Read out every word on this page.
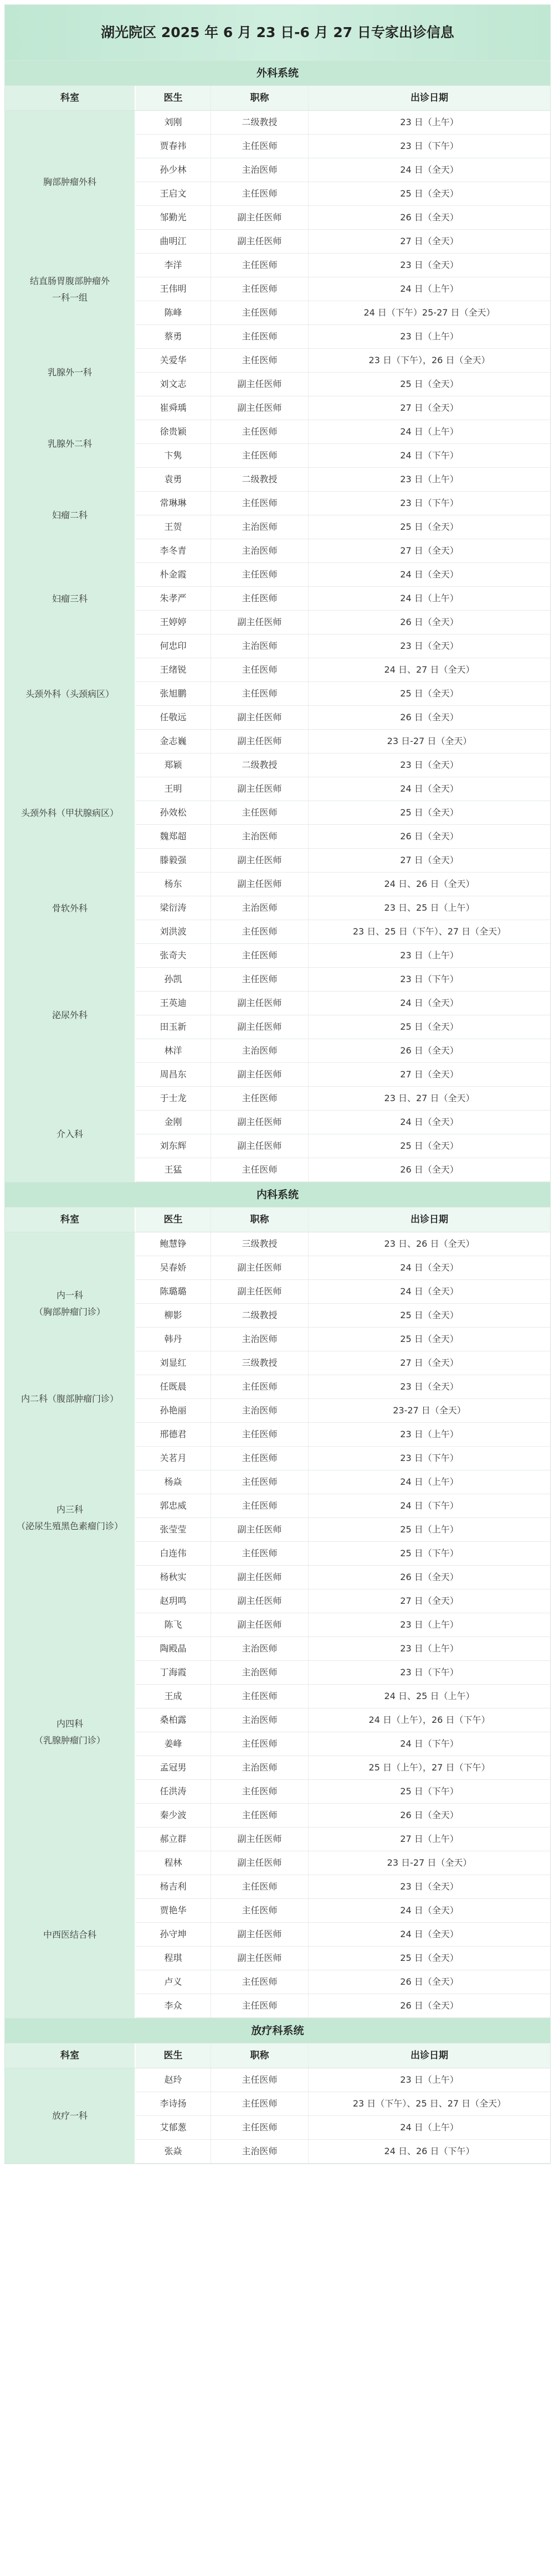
湖光院区 2025 年 6 月 23 日-6 月 27 日专家出诊信息
外科系统
科室	医生	职称	出诊日期
胸部肿瘤外科
刘刚	二级教授	23 日（上午）
贾春祎	主任医师	23 日（下午）
孙少林	主治医师	24 日（全天）
王启文	主任医师	25 日（全天）
邹勤光	副主任医师	26 日（全天）
曲明江	副主任医师	27 日（全天）
结直肠胃腹部肿瘤外
一科一组
李洋	主任医师	23 日（全天）
王伟明	主任医师	24 日（上午）
陈峰	主任医师	24 日（下午）25-27 日（全天）
乳腺外一科
蔡勇	主任医师	23 日（上午）
关爱华	主任医师	23 日（下午），26 日（全天）
刘文志	副主任医师	25 日（全天）
崔舜瑀	副主任医师	27 日（全天）
乳腺外二科
徐贵颖	主任医师	24 日（上午）
卞隽	主任医师	24 日（下午）
妇瘤二科
袁勇	二级教授	23 日（上午）
常琳琳	主任医师	23 日（下午）
王贺	主治医师	25 日（全天）
李冬青	主治医师	27 日（全天）
妇瘤三科
朴金霞	主任医师	24 日（全天）
朱孝严	主任医师	24 日（上午）
王婷婷	副主任医师	26 日（全天）
头颈外科（头颈病区）
何忠印	主治医师	23 日（全天）
王绪锐	主任医师	24 日、27 日（全天）
张旭鹏	主任医师	25 日（全天）
任敬远	副主任医师	26 日（全天）
金志巍	副主任医师	23 日-27 日（全天）
头颈外科（甲状腺病区）
郑颖	二级教授	23 日（全天）
王明	副主任医师	24 日（全天）
孙效松	主任医师	25 日（全天）
魏郑超	主治医师	26 日（全天）
滕毅强	副主任医师	27 日（全天）
骨软外科
杨东	副主任医师	24 日、26 日（全天）
梁衍涛	主治医师	23 日、25 日（上午）
刘洪波	主任医师	23 日、25 日（下午）、27 日（全天）
泌尿外科
张奇夫	主任医师	23 日（上午）
孙凯	主任医师	23 日（下午）
王英迪	副主任医师	24 日（全天）
田玉新	副主任医师	25 日（全天）
林洋	主治医师	26 日（全天）
周昌东	副主任医师	27 日（全天）
介入科
于士龙	主任医师	23 日、27 日（全天）
金刚	副主任医师	24 日（全天）
刘东辉	副主任医师	25 日（全天）
王猛	主任医师	26 日（全天）
内科系统
科室	医生	职称	出诊日期
内一科
（胸部肿瘤门诊）
鲍慧铮	三级教授	23 日、26 日（全天）
吴春娇	副主任医师	24 日（全天）
陈璐璐	副主任医师	24 日（全天）
柳影	二级教授	25 日（全天）
韩丹	主治医师	25 日（全天）
刘显红	三级教授	27 日（全天）
内二科（腹部肿瘤门诊）
任既晨	主任医师	23 日（全天）
孙艳丽	主治医师	23-27 日（全天）
内三科
（泌尿生殖黑色素瘤门诊）
邢德君	主任医师	23 日（上午）
关茗月	主任医师	23 日（下午）
杨焱	主任医师	24 日（上午）
郭忠威	主任医师	24 日（下午）
张莹莹	副主任医师	25 日（上午）
白连伟	主任医师	25 日（下午）
杨秋实	副主任医师	26 日（全天）
赵玥鸣	副主任医师	27 日（全天）
内四科
（乳腺肿瘤门诊）
陈飞	副主任医师	23 日（上午）
陶殿晶	主治医师	23 日（上午）
丁海霞	主治医师	23 日（下午）
王成	主任医师	24 日、25 日（上午）
桑柏露	主治医师	24 日（上午），26 日（下午）
姜峰	主任医师	24 日（下午）
孟冠男	主治医师	25 日（上午），27 日（下午）
任洪涛	主任医师	25 日（下午）
秦少波	主任医师	26 日（全天）
郝立群	副主任医师	27 日（上午）
中西医结合科
程林	副主任医师	23 日-27 日（全天）
杨吉利	主任医师	23 日（全天）
贾艳华	主任医师	24 日（全天）
孙守坤	副主任医师	24 日（全天）
程琪	副主任医师	25 日（全天）
卢义	主任医师	26 日（全天）
李众	主任医师	26 日（全天）
放疗科系统
科室	医生	职称	出诊日期
放疗一科
赵玲	主任医师	23 日（上午）
李诗扬	主任医师	23 日（下午）、25 日、27 日（全天）
艾郁葱	主任医师	24 日（上午）
张焱	主治医师	24 日、26 日（下午）
